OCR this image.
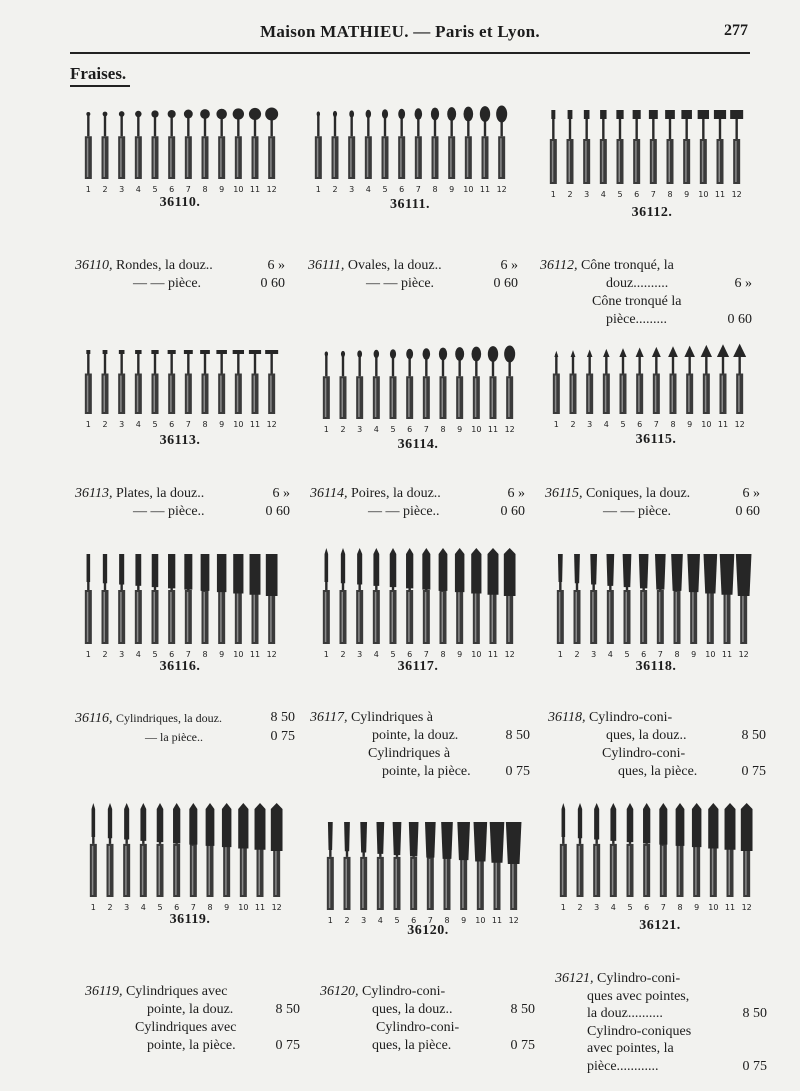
Maison MATHIEU. — Paris et Lyon.	277
Fraises.
1 2 3 4 5 6 7 8 9 10 11 12	1 2 3 4 5 6 7 8 9 10 11 12
1 2 3 4 5 6 7 8 9 10 11 12
1 2 3 4 5 6 7 8 9 10 11 12
1 2 3 4 5 6 7 8 9 10 11 12
1 2 3 4 5 6 7 8 9 10 11 12
1 2 3 4 5 6 7 8 9 10 11 12	1 2 3 4 5 6 7 8 9 10 11 12	1 2 3 4 5 6 7 8 9 10 11 12
1 2 3 4 5 6 7 8 9 10 11 12
1 2 3 4 5 6 7 8 9 10 11 12
1 2 3 4 5 6 7 8 9 10 11 12
36110.	36111.
36112.
36113.	36114.	36115.
36116.	36117.	36118.
36119.
36120.	36121.
36110, Rondes, la douz..	6 »
— — pièce.	0 60
36111, Ovales, la douz..	6 »
— — pièce.	0 60
36112, Cône tronqué, la
douz..........	6 »
Cône tronqué la
pièce.........	0 60
36113, Plates, la douz..	6 »
— — pièce..	0 60
36114, Poires, la douz..	6 »
— — pièce..	0 60
36115, Coniques, la douz.	6 »
— — pièce.	0 60
36116, Cylindriques, la douz.	8 50
— la pièce..	0 75
36117, Cylindriques à
pointe, la douz.	8 50
Cylindriques à
pointe, la pièce.	0 75
36118, Cylindro-coni-
ques, la douz..	8 50
Cylindro-coni-
ques, la pièce.	0 75
36119, Cylindriques avec
pointe, la douz.	8 50
Cylindriques avec
pointe, la pièce.	0 75
36120, Cylindro-coni-
ques, la douz..	8 50
Cylindro-coni-
ques, la pièce.	0 75
36121, Cylindro-coni-
ques avec pointes,
la douz..........	8 50
Cylindro-coniques
avec pointes, la
pièce............	0 75
